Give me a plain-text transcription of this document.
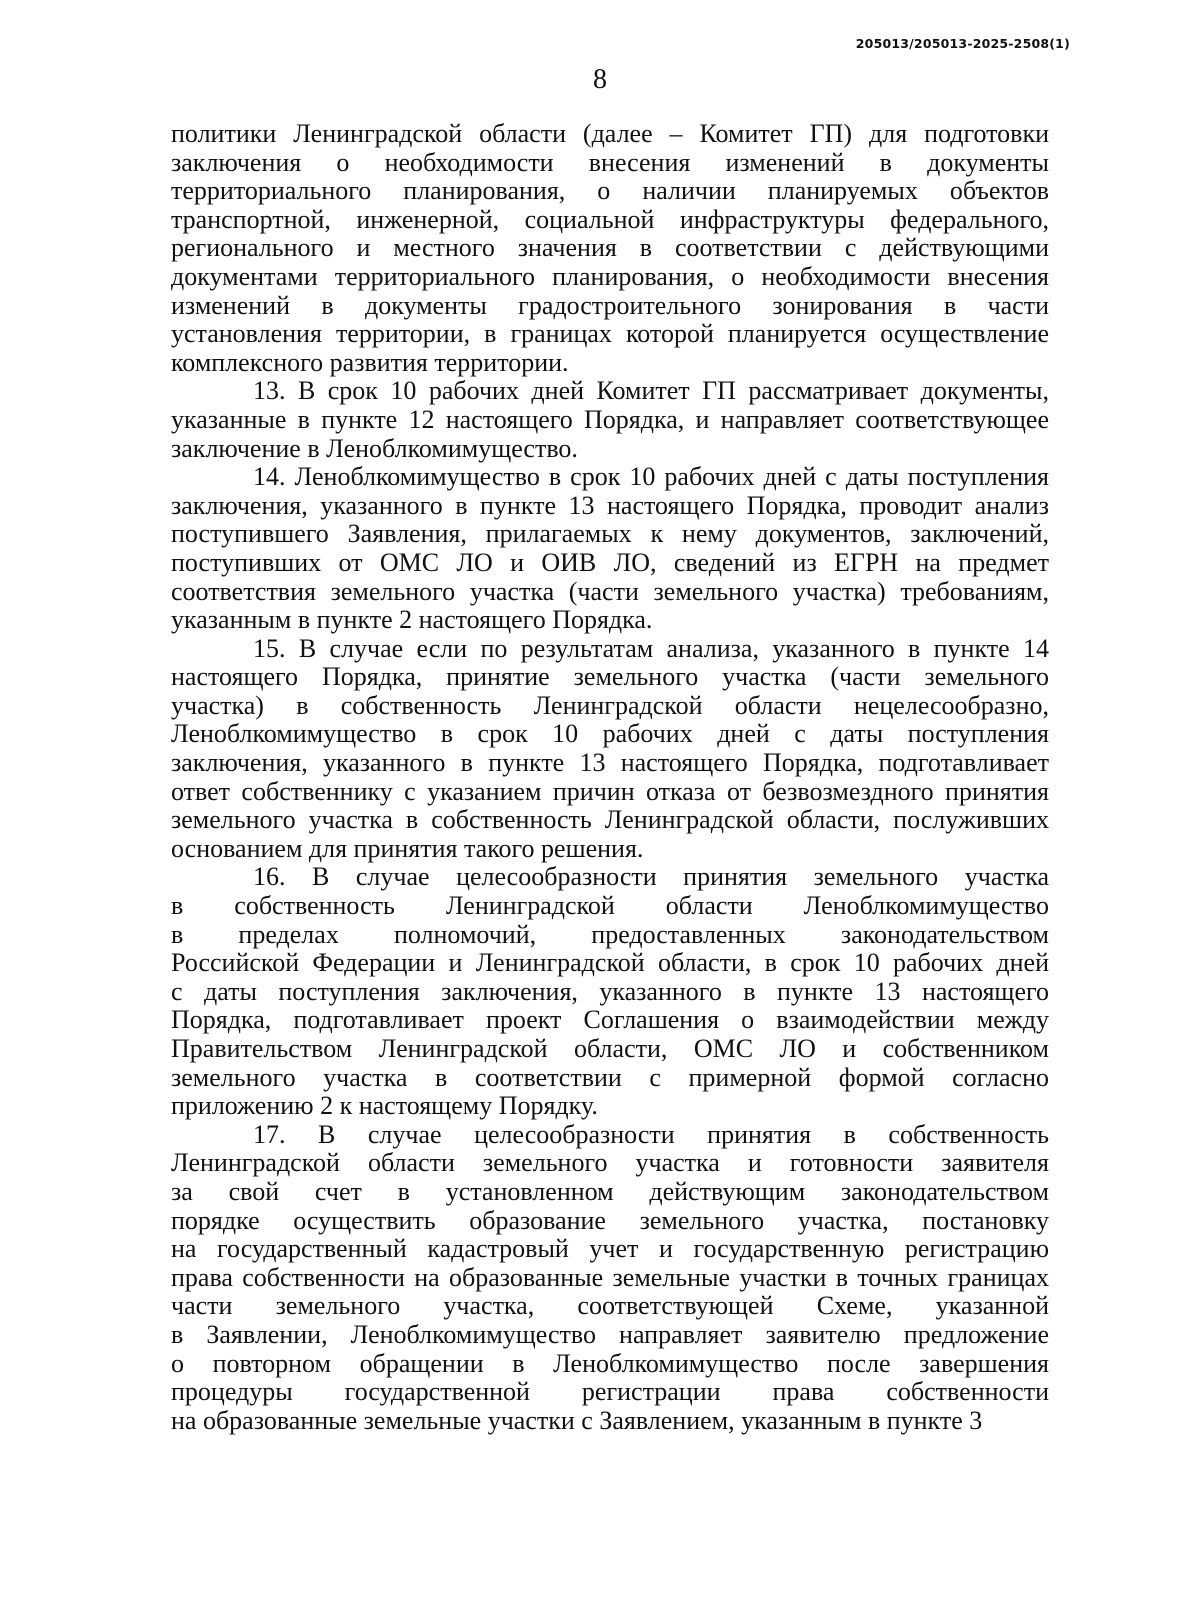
205013/205013-2025-2508(1)
8
политики Ленинградской области (далее – Комитет ГП) для подготовки
заключения о необходимости внесения изменений в документы
территориального планирования, о наличии планируемых объектов
транспортной, инженерной, социальной инфраструктуры федерального,
регионального и местного значения в соответствии с действующими
документами территориального планирования, о необходимости внесения
изменений в документы градостроительного зонирования в части
установления территории, в границах которой планируется осуществление
комплексного развития территории.
13. В срок 10 рабочих дней Комитет ГП рассматривает документы,
указанные в пункте 12 настоящего Порядка, и направляет соответствующее
заключение в Леноблкомимущество.
14. Леноблкомимущество в срок 10 рабочих дней с даты поступления
заключения, указанного в пункте 13 настоящего Порядка, проводит анализ
поступившего Заявления, прилагаемых к нему документов, заключений,
поступивших от ОМС ЛО и ОИВ ЛО, сведений из ЕГРН на предмет
соответствия земельного участка (части земельного участка) требованиям,
указанным в пункте 2 настоящего Порядка.
15. В случае если по результатам анализа, указанного в пункте 14
настоящего Порядка, принятие земельного участка (части земельного
участка) в собственность Ленинградской области нецелесообразно,
Леноблкомимущество в срок 10 рабочих дней с даты поступления
заключения, указанного в пункте 13 настоящего Порядка, подготавливает
ответ собственнику с указанием причин отказа от безвозмездного принятия
земельного участка в собственность Ленинградской области, послуживших
основанием для принятия такого решения.
16. В случае целесообразности принятия земельного участка
в собственность Ленинградской области Леноблкомимущество
в пределах полномочий, предоставленных законодательством
Российской Федерации и Ленинградской области, в срок 10 рабочих дней
с даты поступления заключения, указанного в пункте 13 настоящего
Порядка, подготавливает проект Соглашения о взаимодействии между
Правительством Ленинградской области, ОМС ЛО и собственником
земельного участка в соответствии с примерной формой согласно
приложению 2 к настоящему Порядку.
17. В случае целесообразности принятия в собственность
Ленинградской области земельного участка и готовности заявителя
за свой счет в установленном действующим законодательством
порядке осуществить образование земельного участка, постановку
на государственный кадастровый учет и государственную регистрацию
права собственности на образованные земельные участки в точных границах
части земельного участка, соответствующей Схеме, указанной
в Заявлении, Леноблкомимущество направляет заявителю предложение
о повторном обращении в Леноблкомимущество после завершения
процедуры государственной регистрации права собственности
на образованные земельные участки с Заявлением, указанным в пункте 3
